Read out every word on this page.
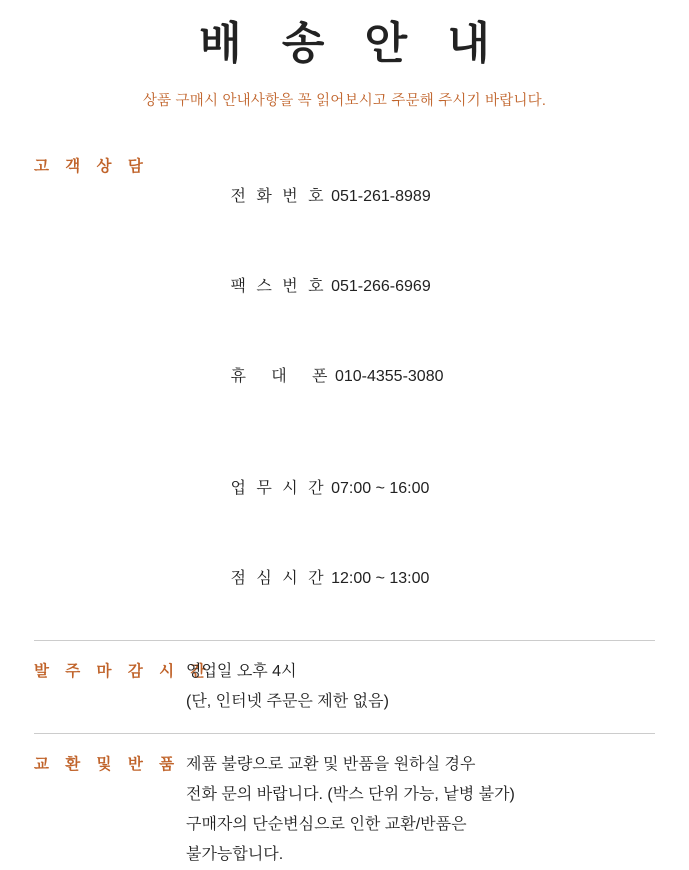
배 송 안 내
상품 구매시 안내사항을 꼭 읽어보시고 주문해 주시기 바랍니다.
고 객 상 담

전 화 번 호 051-261-8989

팩 스 번 호 051-266-6969

휴   대   폰 010-4355-3080

업 무 시 간 07:00 ~ 16:00

점 심 시 간 12:00 ~ 13:00

발 주 마 감 시 간
영업일 오후 4시
(단, 인터넷 주문은 제한 없음)
교 환 및 반 품 제품 불량으로 교환 및 반품을 원하실 경우
전화 문의 바랍니다. (박스 단위 가능, 낱병 불가)
구매자의 단순변심으로 인한 교환/반품은
불가능합니다.
